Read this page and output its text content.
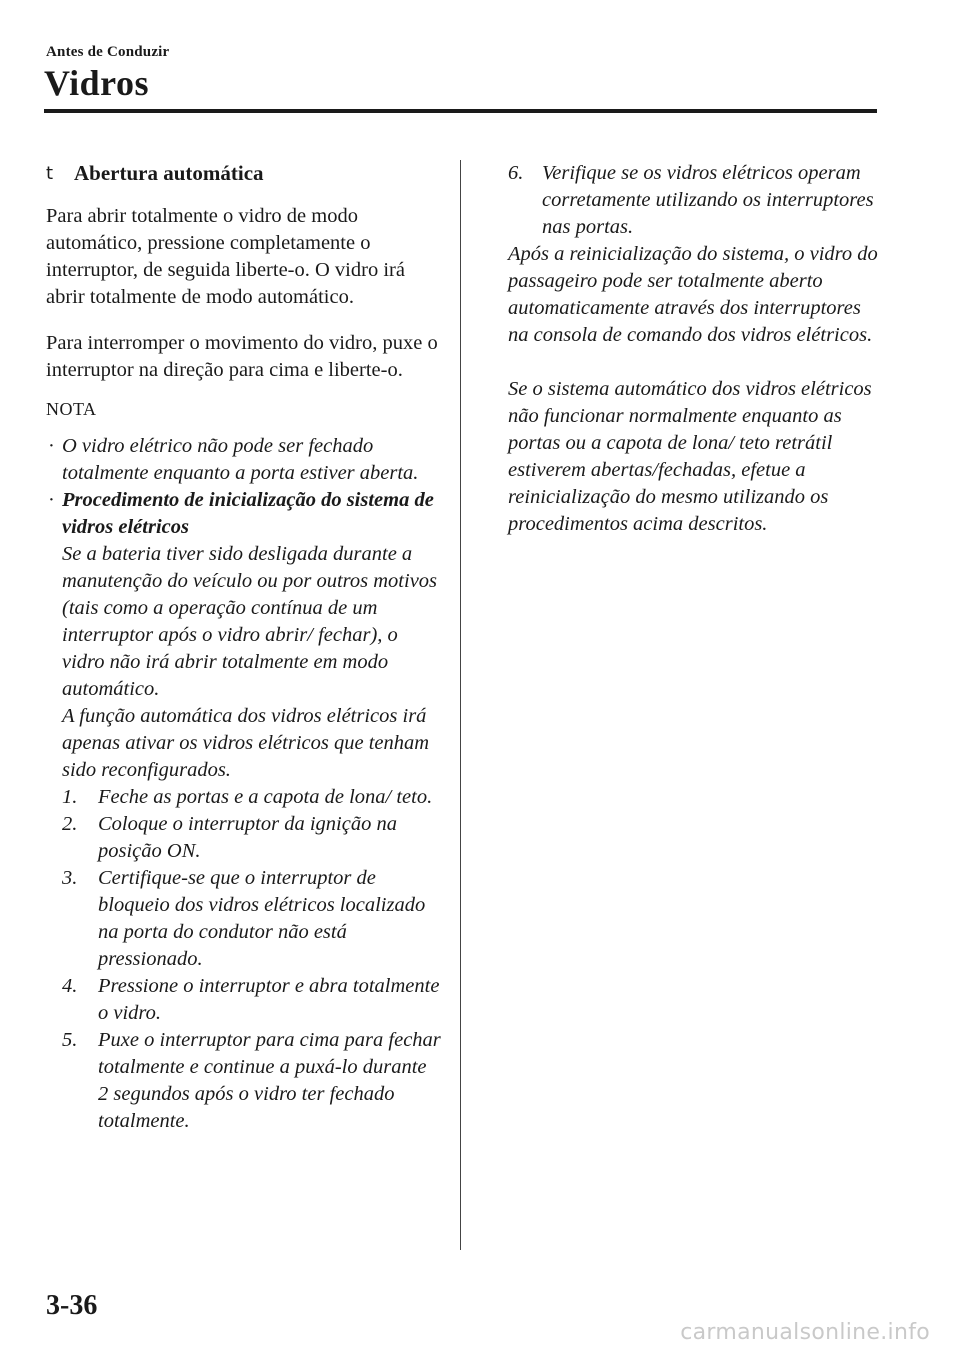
Antes de Conduzir
Vidros
t Abertura automática

Para abrir totalmente o vidro de modo automático, pressione completamente o interruptor, de seguida liberte-o. O vidro irá abrir totalmente de modo automático.

Para interromper o movimento do vidro, puxe o interruptor na direção para cima e liberte-o.

NOTA
· O vidro elétrico não pode ser fechado totalmente enquanto a porta estiver aberta.
· Procedimento de inicialização do sistema de vidros elétricos
Se a bateria tiver sido desligada durante a manutenção do veículo ou por outros motivos (tais como a operação contínua de um interruptor após o vidro abrir/ fechar), o vidro não irá abrir totalmente em modo automático.
A função automática dos vidros elétricos irá apenas ativar os vidros elétricos que tenham sido reconfigurados.
1. Feche as portas e a capota de lona/ teto.
2. Coloque o interruptor da ignição na posição ON.
3. Certifique-se que o interruptor de bloqueio dos vidros elétricos localizado na porta do condutor não está pressionado.
4. Pressione o interruptor e abra totalmente o vidro.
5. Puxe o interruptor para cima para fechar totalmente e continue a puxá-lo durante 2 segundos após o vidro ter fechado totalmente.
6. Verifique se os vidros elétricos operam corretamente utilizando os interruptores nas portas.

Após a reinicialização do sistema, o vidro do passageiro pode ser totalmente aberto automaticamente através dos interruptores na consola de comando dos vidros elétricos.

Se o sistema automático dos vidros elétricos não funcionar normalmente enquanto as portas ou a capota de lona/ teto retrátil estiverem abertas/fechadas, efetue a reinicialização do mesmo utilizando os procedimentos acima descritos.

3-36
carmanualsonline.info
